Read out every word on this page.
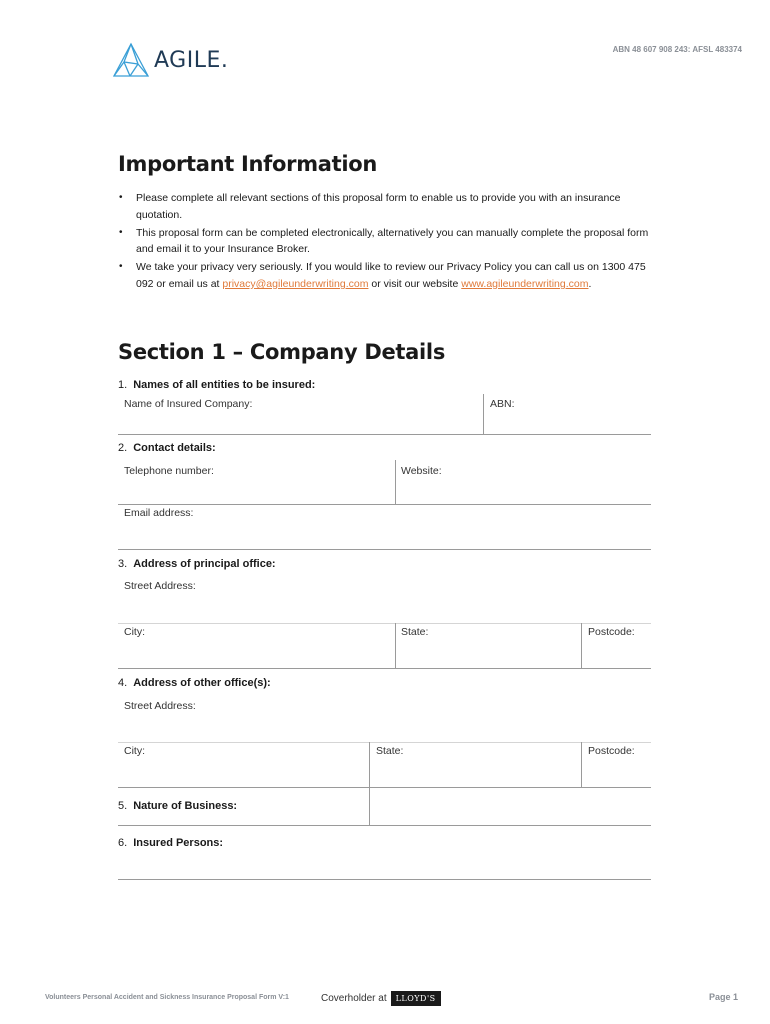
AGILE.	ABN 48 607 908 243: AFSL 483374
Important Information
• Please complete all relevant sections of this proposal form to enable us to provide you with an insurance quotation.
• This proposal form can be completed electronically, alternatively you can manually complete the proposal form and email it to your Insurance Broker.
• We take your privacy very seriously. If you would like to review our Privacy Policy you can call us on 1300 475 092 or email us at privacy@agileunderwriting.com or visit our website www.agileunderwriting.com.
Section 1 – Company Details
1. Names of all entities to be insured:
Name of Insured Company:	ABN:
2. Contact details:
Telephone number:	Website:
Email address:
3. Address of principal office:
Street Address:
City:	State:	Postcode:
4. Address of other office(s):
Street Address:
City:	State:	Postcode:
5. Nature of Business:
6. Insured Persons:
Volunteers Personal Accident and Sickness Insurance Proposal Form V:1	Coverholder at	LLOYD'S	Page 1
